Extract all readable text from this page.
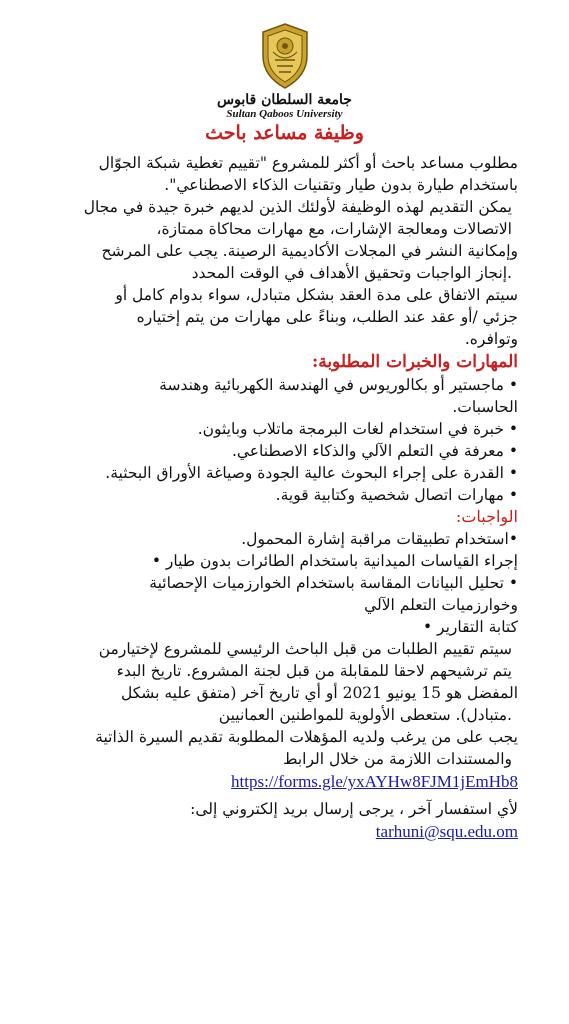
جامعة السلطان قابوس
Sultan Qaboos University
وظيفة مساعد باحث

مطلوب مساعد باحث أو أكثر للمشروع "تقييم تغطية شبكة الجوّال

باستخدام طيارة بدون طيار وتقنيات الذكاء الاصطناعي".

يمكن التقديم لهذه الوظيفة لأولئك الذين لديهم خبرة جيدة في مجال

الاتصالات ومعالجة الإشارات، مع مهارات محاكاة ممتازة،

وإمكانية النشر في المجلات الأكاديمية الرصينة. يجب على المرشح

.إنجاز الواجبات وتحقيق الأهداف في الوقت المحدد

سيتم الاتفاق على مدة العقد بشكل متبادل، سواء بدوام كامل أو

جزئي /أو عقد عند الطلب، وبناءً على مهارات من يتم إختياره

وتوافره.

المهارات والخبرات المطلوبة:

• ماجستير أو بكالوريوس في الهندسة الكهربائية وهندسة
الحاسبات.
• خبرة في استخدام لغات البرمجة ماتلاب وبايثون.
• معرفة في التعلم الآلي والذكاء الاصطناعي.
• القدرة على إجراء البحوث عالية الجودة وصياغة الأوراق البحثية.
• مهارات اتصال شخصية وكتابية قوية.

الواجبات:

•استخدام تطبيقات مراقبة إشارة المحمول.
إجراء القياسات الميدانية باستخدام الطائرات بدون طيار •
• تحليل البيانات المقاسة باستخدام الخوارزميات الإحصائية
وخوارزميات التعلم الآلي
كتابة التقارير •

سيتم تقييم الطلبات من قبل الباحث الرئيسي للمشروع لإختيارمن

يتم ترشيحهم لاحقا للمقابلة من قبل لجنة المشروع. تاريخ البدء

المفضل هو 15 يونيو 2021 أو أي تاريخ آخر (متفق عليه بشكل

.متبادل). ستعطى الأولوية للمواطنين العمانيين

يجب على من يرغب ولديه المؤهلات المطلوبة تقديم السيرة الذاتية

والمستندات اللازمة من خلال الرابط

https://forms.gle/yxAYHw8FJM1jEmHb8

لأي استفسار آخر ، يرجى إرسال بريد إلكتروني إلى:

tarhuni@squ.edu.om
